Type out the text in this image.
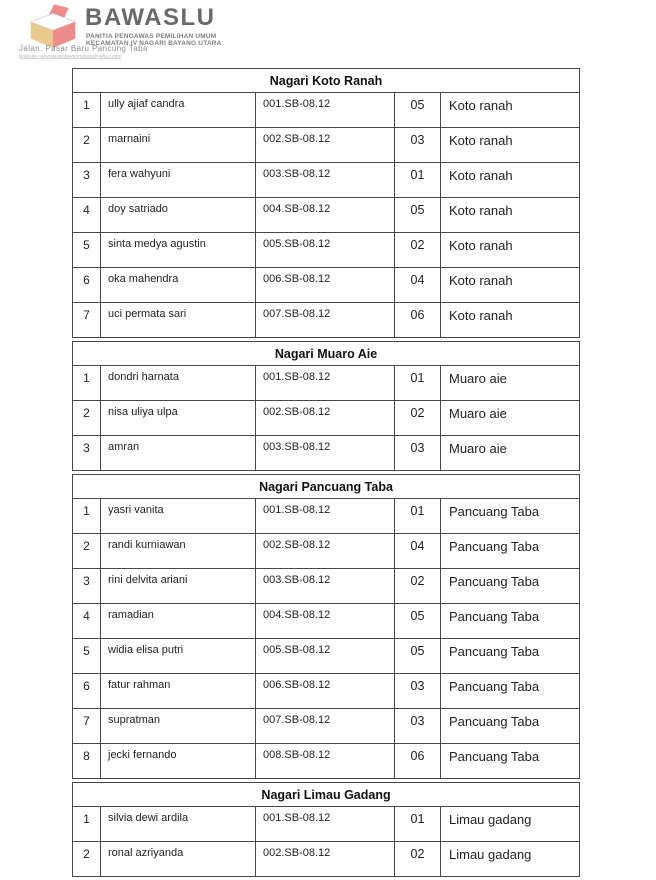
BAWASLU
PANITIA PENGAWAS PEMILIHAN UMUM
KECAMATAN IV NAGARI BAYANG UTARA
Jalan. Pasar Baru Pancung Taba
Website.panwascambayangutara@yahoo.com
Nagari Koto Ranah				
1	ully ajiaf candra	001.SB-08.12	05	Koto ranah
2	marnaini	002.SB-08.12	03	Koto ranah
3	fera wahyuni	003.SB-08.12	01	Koto ranah
4	doy satriado	004.SB-08.12	05	Koto ranah
5	sinta medya agustin	005.SB-08.12	02	Koto ranah
6	oka mahendra	006.SB-08.12	04	Koto ranah
7	uci permata sari	007.SB-08.12	06	Koto ranah
Nagari Muaro Aie				
1	dondri harnata	001.SB-08.12	01	Muaro aie
2	nisa uliya ulpa	002.SB-08.12	02	Muaro aie
3	amran	003.SB-08.12	03	Muaro aie
Nagari Pancuang Taba				
1	yasri vanita	001.SB-08.12	01	Pancuang Taba
2	randi kurniawan	002.SB-08.12	04	Pancuang Taba
3	rini delvita ariani	003.SB-08.12	02	Pancuang Taba
4	ramadian	004.SB-08.12	05	Pancuang Taba
5	widia elisa putri	005.SB-08.12	05	Pancuang Taba
6	fatur rahman	006.SB-08.12	03	Pancuang Taba
7	supratman	007.SB-08.12	03	Pancuang Taba
8	jecki fernando	008.SB-08.12	06	Pancuang Taba
Nagari Limau Gadang				
1	silvia dewi ardila	001.SB-08.12	01	Limau gadang
2	ronal azriyanda	002.SB-08.12	02	Limau gadang
